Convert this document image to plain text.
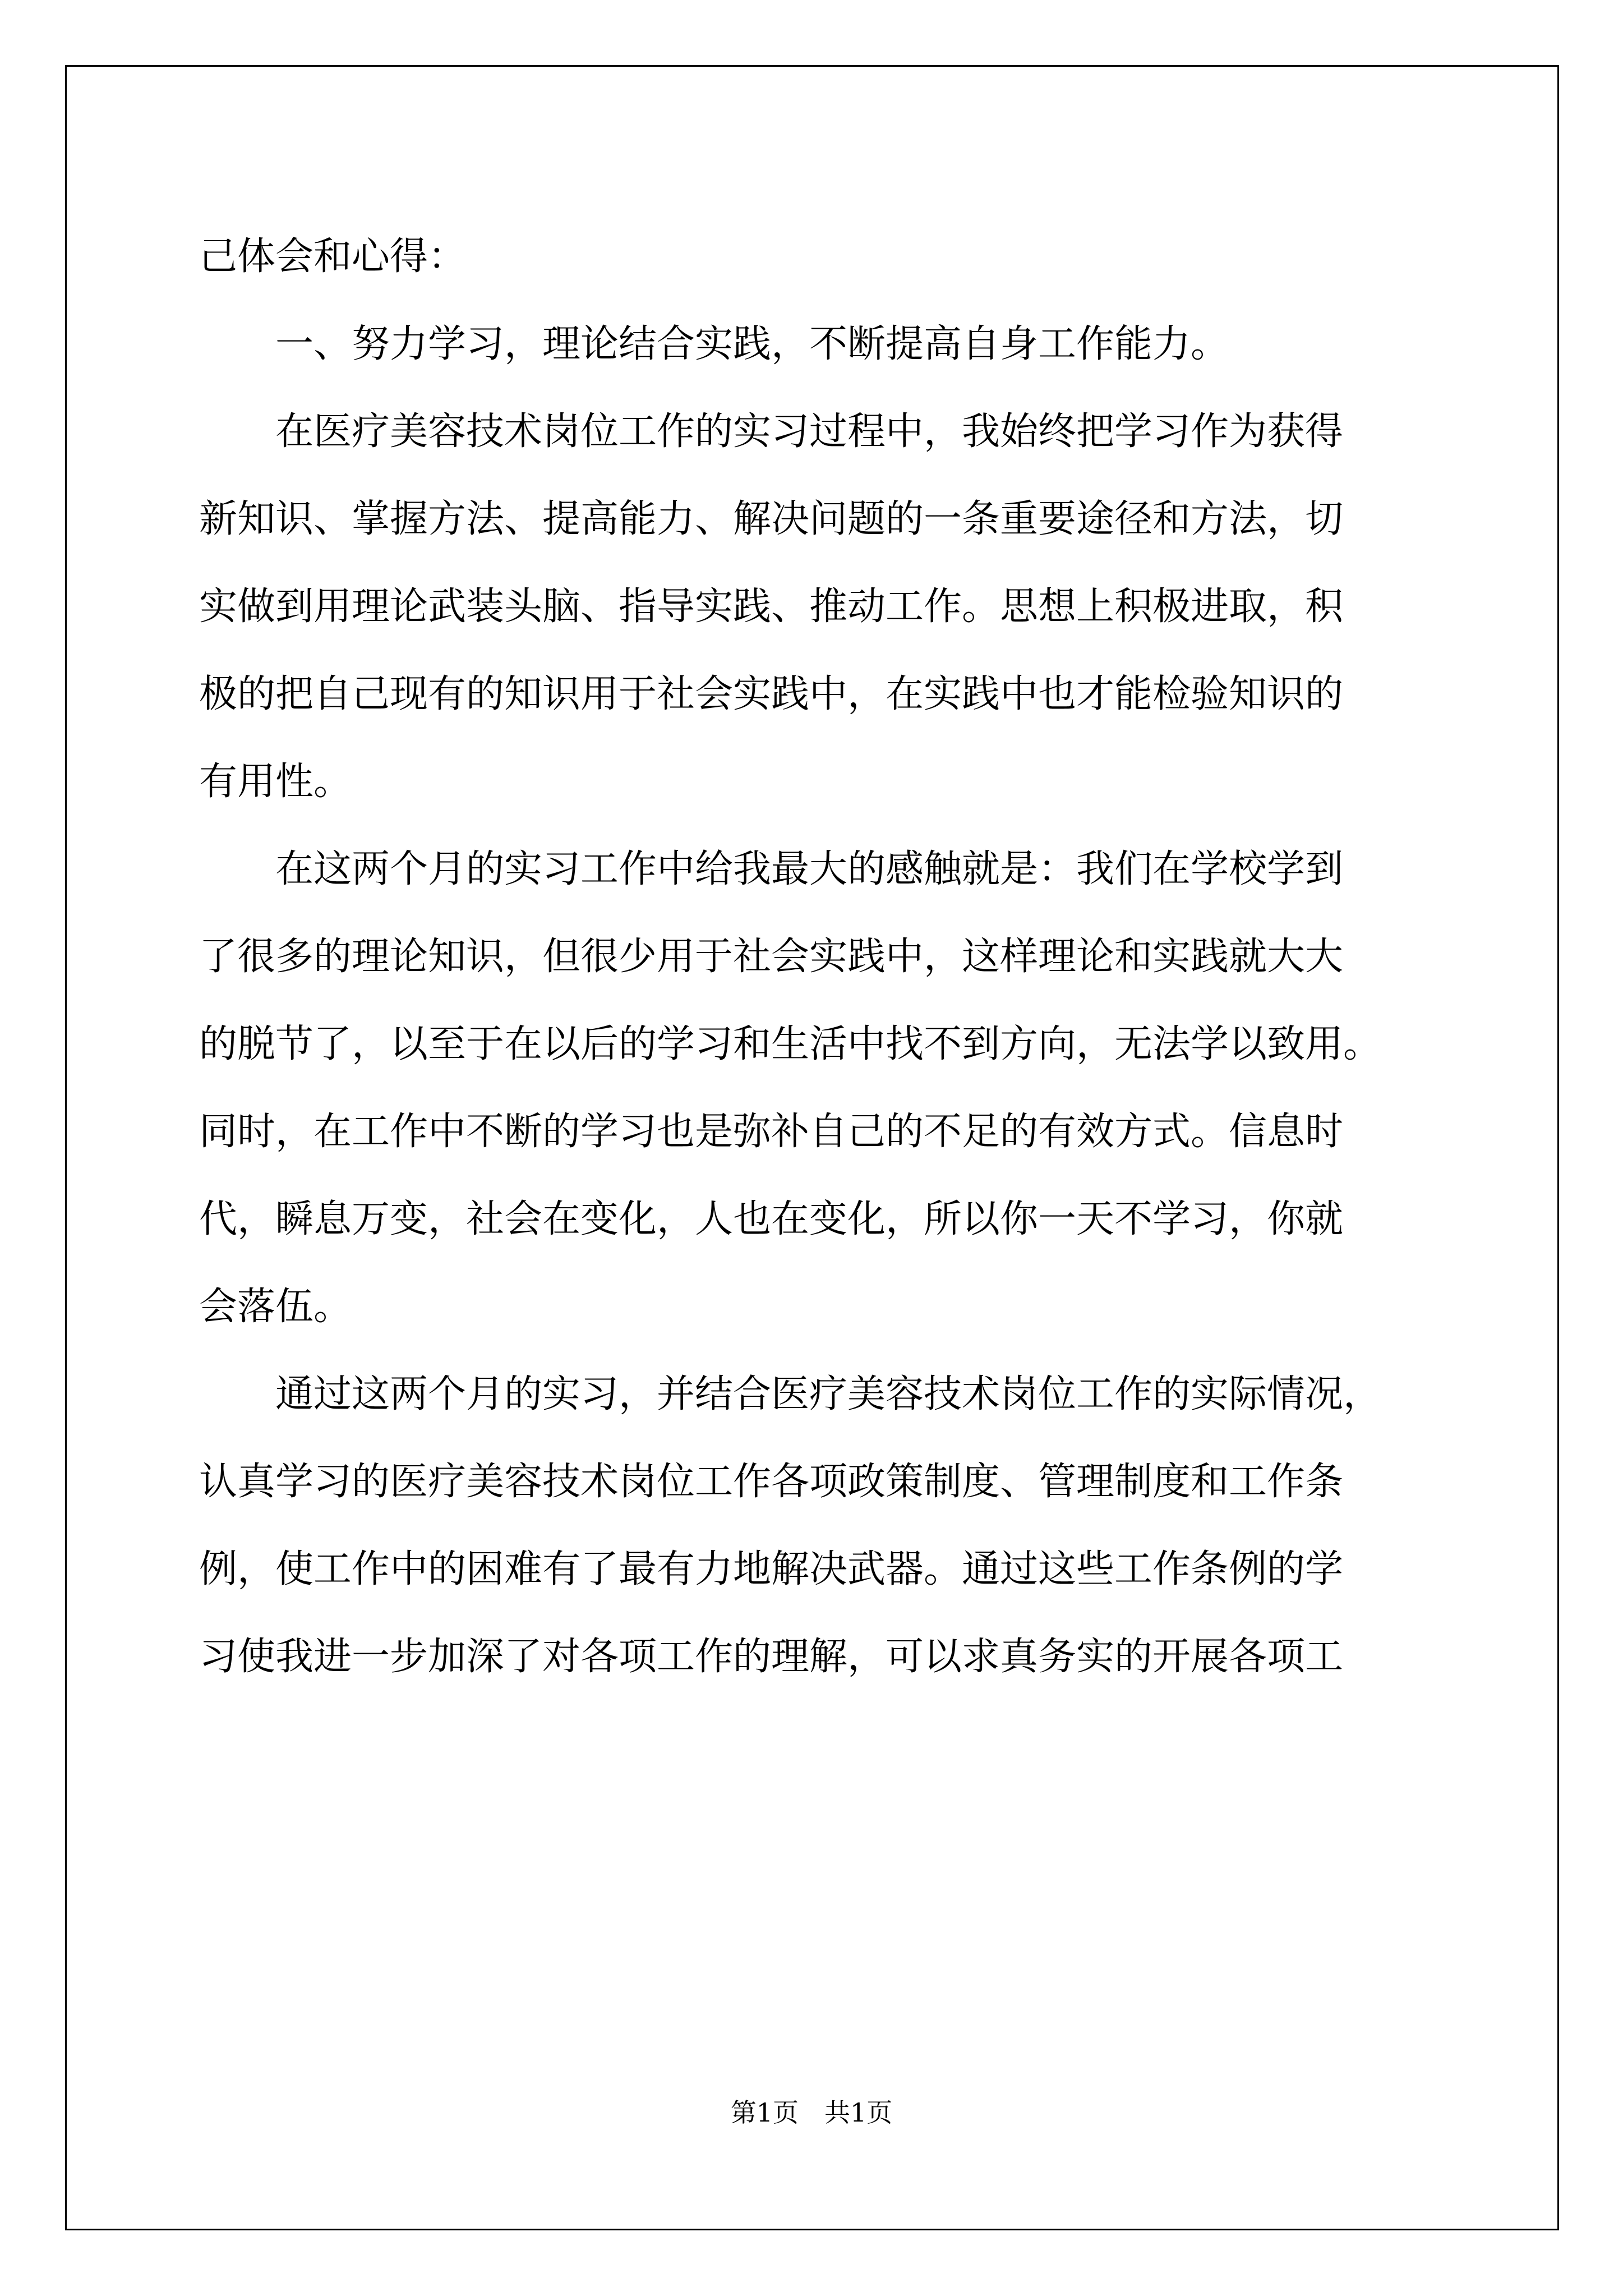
己体会和心得：
　　一、努力学习，理论结合实践，不断提高自身工作能力。
　　在医疗美容技术岗位工作的实习过程中，我始终把学习作为获得
新知识、掌握方法、提高能力、解决问题的一条重要途径和方法，切
实做到用理论武装头脑、指导实践、推动工作。思想上积极进取，积
极的把自己现有的知识用于社会实践中，在实践中也才能检验知识的
有用性。
　　在这两个月的实习工作中给我最大的感触就是：我们在学校学到
了很多的理论知识，但很少用于社会实践中，这样理论和实践就大大
的脱节了，以至于在以后的学习和生活中找不到方向，无法学以致用。
同时，在工作中不断的学习也是弥补自己的不足的有效方式。信息时
代，瞬息万变，社会在变化，人也在变化，所以你一天不学习，你就
会落伍。
　　通过这两个月的实习，并结合医疗美容技术岗位工作的实际情况，
认真学习的医疗美容技术岗位工作各项政策制度、管理制度和工作条
例，使工作中的困难有了最有力地解决武器。通过这些工作条例的学
习使我进一步加深了对各项工作的理解，可以求真务实的开展各项工
第1页　共1页
